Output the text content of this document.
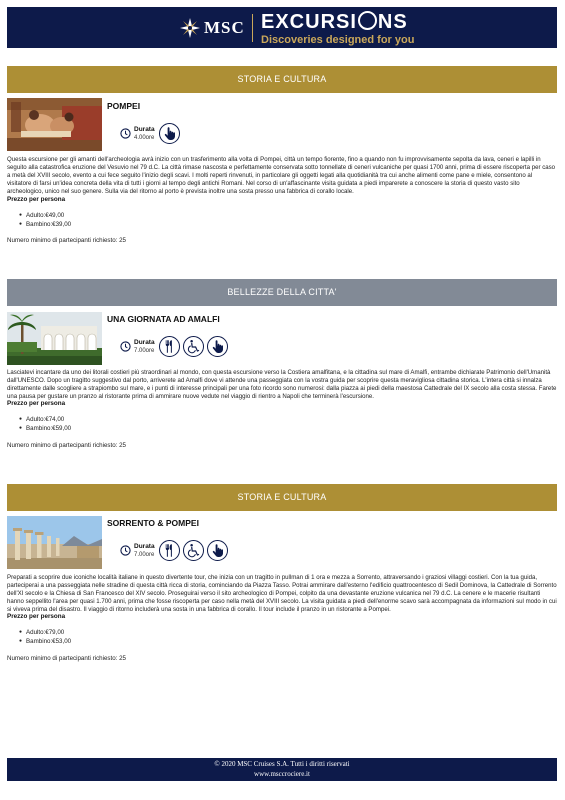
MSC EXCURSI NS
Discoveries designed for you
STORIA E CULTURA
POMPEI
Durata
4.00ore

Questa escursione per gli amanti dell'archeologia avrà inizio con un trasferimento alla volta di Pompei, città un tempo fiorente, fino a quando non fu improvvisamente sepolta da lava, ceneri e lapilli in seguito alla catastrofica eruzione del Vesuvio nel 79 d.C. La città rimase nascosta e perfettamente conservata sotto tonnellate di ceneri vulcaniche per quasi 1700 anni, prima di essere riscoperta per caso a metà del XVIII secolo, evento a cui fece seguito l'inizio degli scavi. I molti reperti rinvenuti, in particolare gli oggetti legati alla quotidianità tra cui anche alimenti come pane e miele, consentono al visitatore di farsi un'idea concreta della vita di tutti i giorni al tempo degli antichi Romani. Nel corso di un'affascinante visita guidata a piedi imparerete a conoscere la storia di questo vasto sito archeologico, unico nel suo genere. Sulla via del ritorno al porto è prevista inoltre una sosta presso una fabbrica di corallo locale.

Prezzo per persona
● Adulto:€49,00
● Bambino:€39,00
Numero minimo di partecipanti richiesto: 25
BELLEZZE DELLA CITTA'
UNA GIORNATA AD AMALFI
Durata
7.00ore

Lasciatevi incantare da uno dei litorali costieri più straordinari al mondo, con questa escursione verso la Costiera amalfitana, e la cittadina sul mare di Amalfi, entrambe dichiarate Patrimonio dell'Umanità dall'UNESCO. Dopo un tragitto suggestivo dal porto, arriverete ad Amalfi dove vi attende una passeggiata con la vostra guida per scoprire questa meravigliosa cittadina storica. L'intera città si innalza direttamente dalle scogliere a strapiombo sul mare, e i punti di interesse principali per una foto ricordo sono numerosi: dalla piazza ai piedi della maestosa Cattedrale del IX secolo alla costa stessa. Farete una pausa per gustare un pranzo al ristorante prima di ammirare nuove vedute nel viaggio di rientro a Napoli che terminerà l'escursione.

Prezzo per persona
● Adulto:€74,00
● Bambino:€59,00
Numero minimo di partecipanti richiesto: 25
STORIA E CULTURA
SORRENTO & POMPEI
Durata
7.00ore

Preparati a scoprire due iconiche località italiane in questo divertente tour, che inizia con un tragitto in pullman di 1 ora e mezza a Sorrento, attraversando i graziosi villaggi costieri. Con la tua guida, parteciperai a una passeggiata nelle stradine di questa città ricca di storia, cominciando da Piazza Tasso. Potrai ammirare dall'esterno l'edificio quattrocentesco di Sedil Dominova, la Cattedrale di Sorrento dell'XI secolo e la Chiesa di San Francesco del XIV secolo. Proseguirai verso il sito archeologico di Pompei, colpito da una devastante eruzione vulcanica nel 79 d.C. La cenere e le macerie risultanti hanno seppellito l'area per quasi 1.700 anni, prima che fosse riscoperta per caso nella metà del XVIII secolo. La visita guidata a piedi dell'enorme scavo sarà accompagnata da informazioni sul modo in cui si viveva prima del disastro. Il viaggio di ritorno includerà una sosta in una fabbrica di corallo. Il tour include il pranzo in un ristorante a Pompei.

Prezzo per persona
● Adulto:€79,00
● Bambino:€53,00
Numero minimo di partecipanti richiesto: 25
© 2020 MSC Cruises S.A. Tutti i diritti riservati
www.msccrociere.it
